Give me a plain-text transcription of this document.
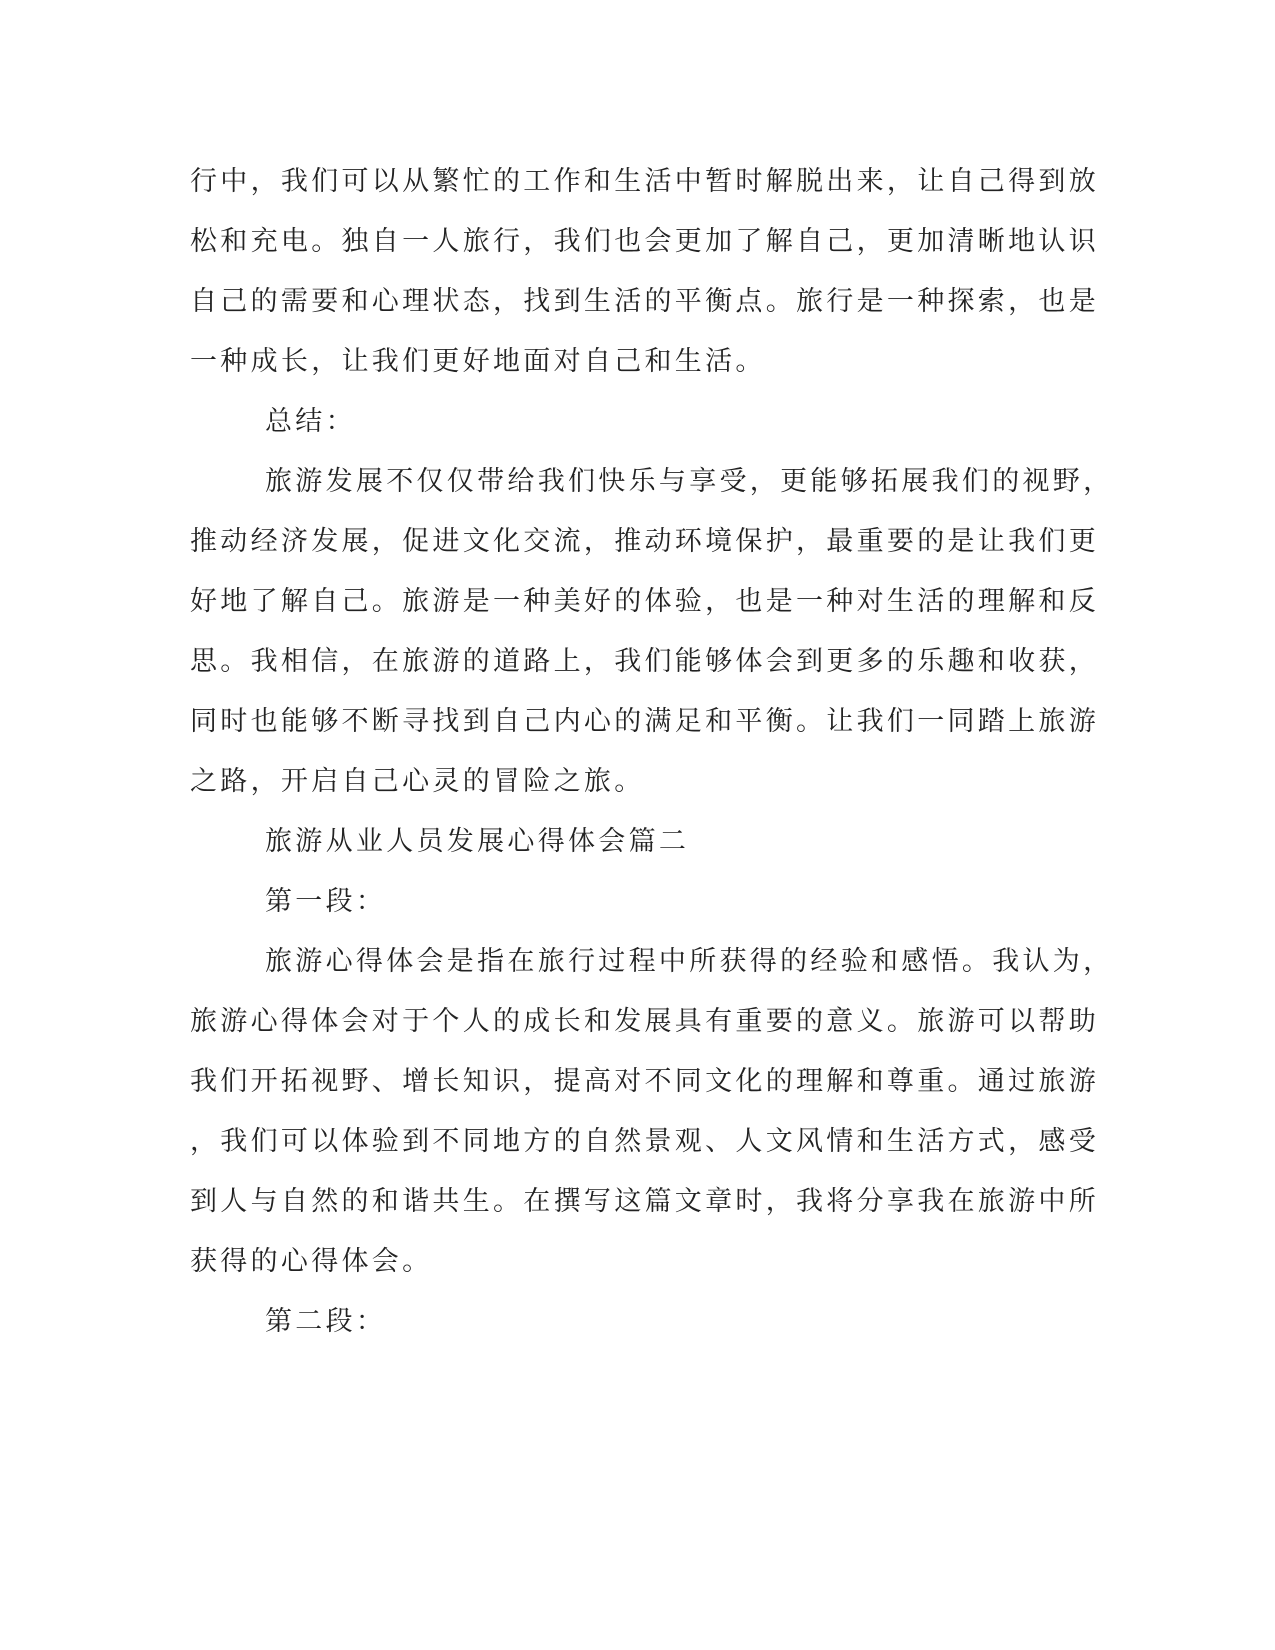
行中，我们可以从繁忙的工作和生活中暂时解脱出来，让自己得到放
松和充电。独自一人旅行，我们也会更加了解自己，更加清晰地认识
自己的需要和心理状态，找到生活的平衡点。旅行是一种探索，也是
一种成长，让我们更好地面对自己和生活。
总结：
旅游发展不仅仅带给我们快乐与享受，更能够拓展我们的视野，
推动经济发展，促进文化交流，推动环境保护，最重要的是让我们更
好地了解自己。旅游是一种美好的体验，也是一种对生活的理解和反
思。我相信，在旅游的道路上，我们能够体会到更多的乐趣和收获，
同时也能够不断寻找到自己内心的满足和平衡。让我们一同踏上旅游
之路，开启自己心灵的冒险之旅。
旅游从业人员发展心得体会篇二
第一段：
旅游心得体会是指在旅行过程中所获得的经验和感悟。我认为，
旅游心得体会对于个人的成长和发展具有重要的意义。旅游可以帮助
我们开拓视野、增长知识，提高对不同文化的理解和尊重。通过旅游
，我们可以体验到不同地方的自然景观、人文风情和生活方式，感受
到人与自然的和谐共生。在撰写这篇文章时，我将分享我在旅游中所
获得的心得体会。
第二段：
